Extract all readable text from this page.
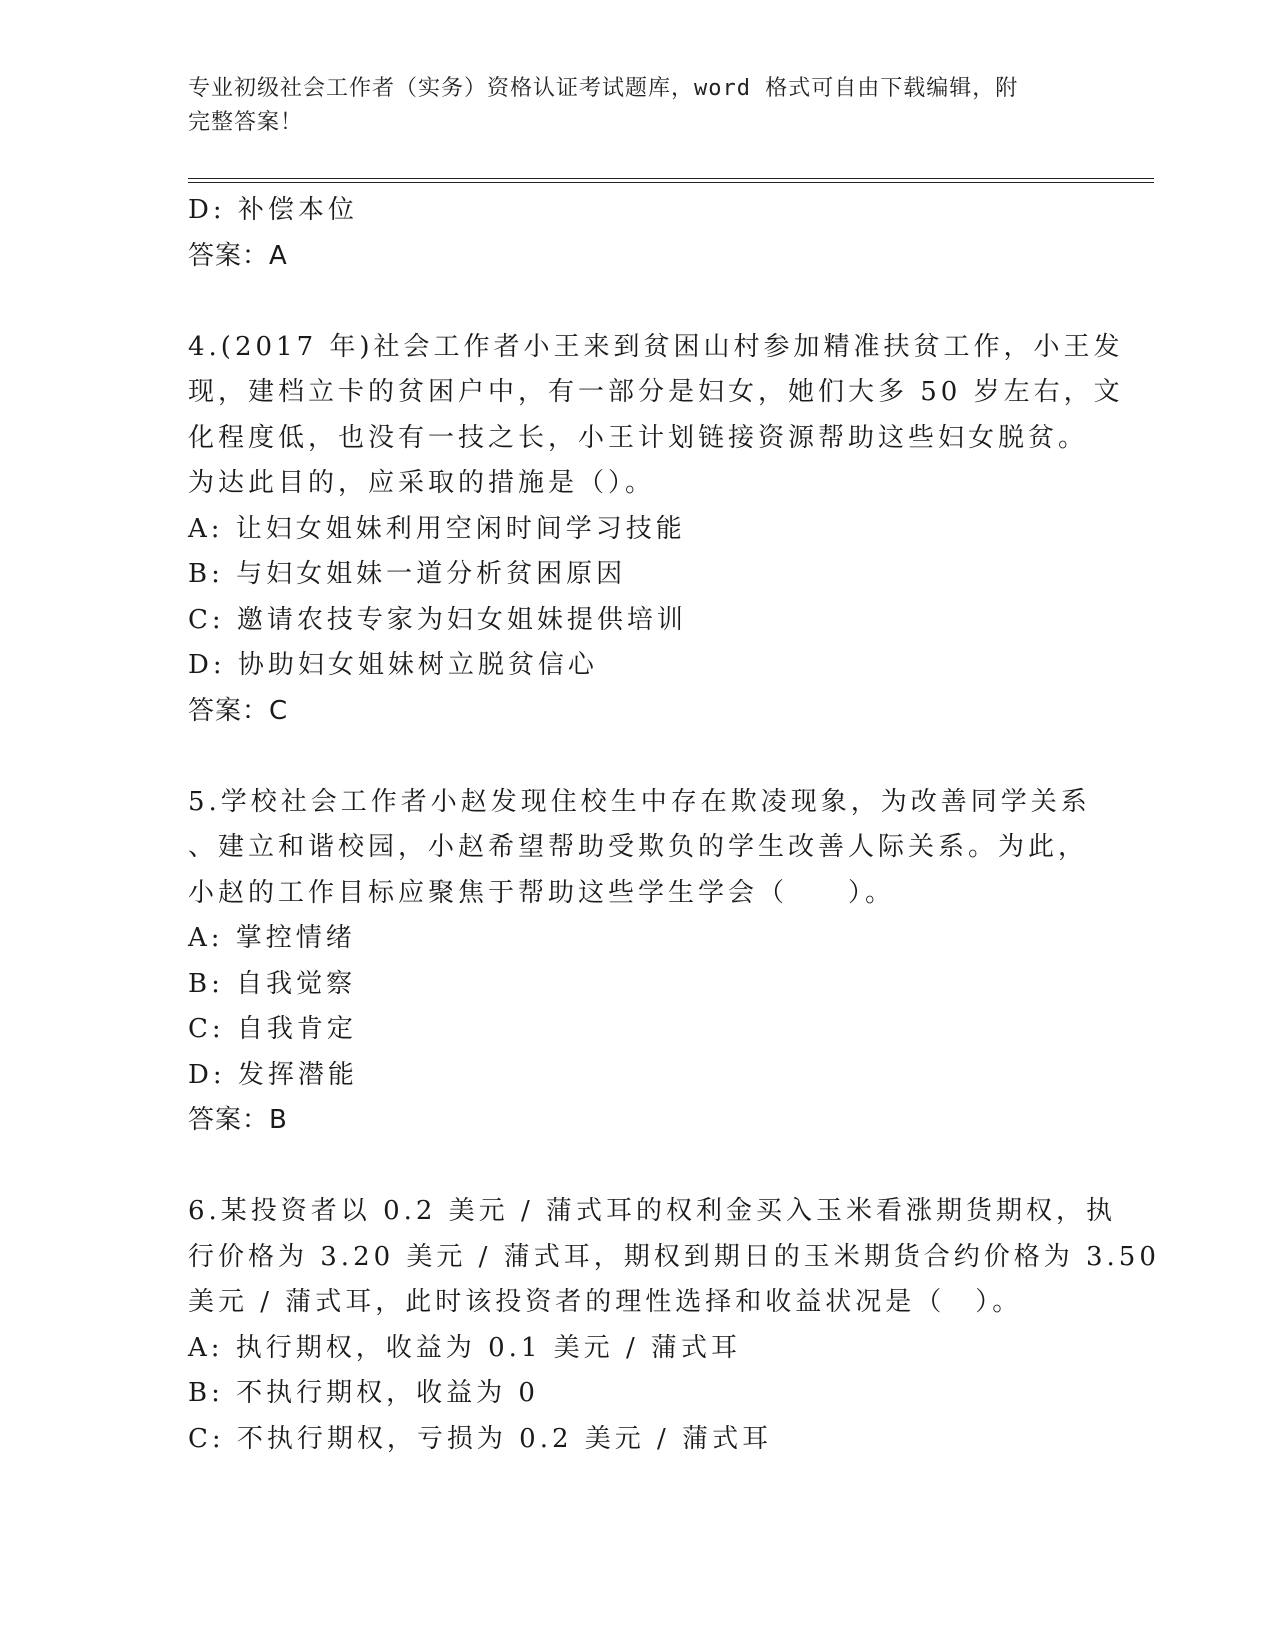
专业初级社会工作者（实务）资格认证考试题库，word 格式可自由下载编辑，附
完整答案！
D: 补偿本位
答案：A
4.(2017 年)社会工作者小王来到贫困山村参加精准扶贫工作，小王发
现，建档立卡的贫困户中，有一部分是妇女，她们大多 50 岁左右，文
化程度低，也没有一技之长，小王计划链接资源帮助这些妇女脱贫。
为达此目的，应采取的措施是（）。
A: 让妇女姐妹利用空闲时间学习技能
B: 与妇女姐妹一道分析贫困原因
C: 邀请农技专家为妇女姐妹提供培训
D: 协助妇女姐妹树立脱贫信心
答案：C
5.学校社会工作者小赵发现住校生中存在欺凌现象，为改善同学关系
、建立和谐校园，小赵希望帮助受欺负的学生改善人际关系。为此，
小赵的工作目标应聚焦于帮助这些学生学会（　　）。
A: 掌控情绪
B: 自我觉察
C: 自我肯定
D: 发挥潜能
答案：B
6.某投资者以 0.2 美元 / 蒲式耳的权利金买入玉米看涨期货期权，执
行价格为 3.20 美元 / 蒲式耳，期权到期日的玉米期货合约价格为 3.50
美元 / 蒲式耳，此时该投资者的理性选择和收益状况是（　）。
A: 执行期权，收益为 0.1 美元 / 蒲式耳
B: 不执行期权，收益为 0
C: 不执行期权，亏损为 0.2 美元 / 蒲式耳
